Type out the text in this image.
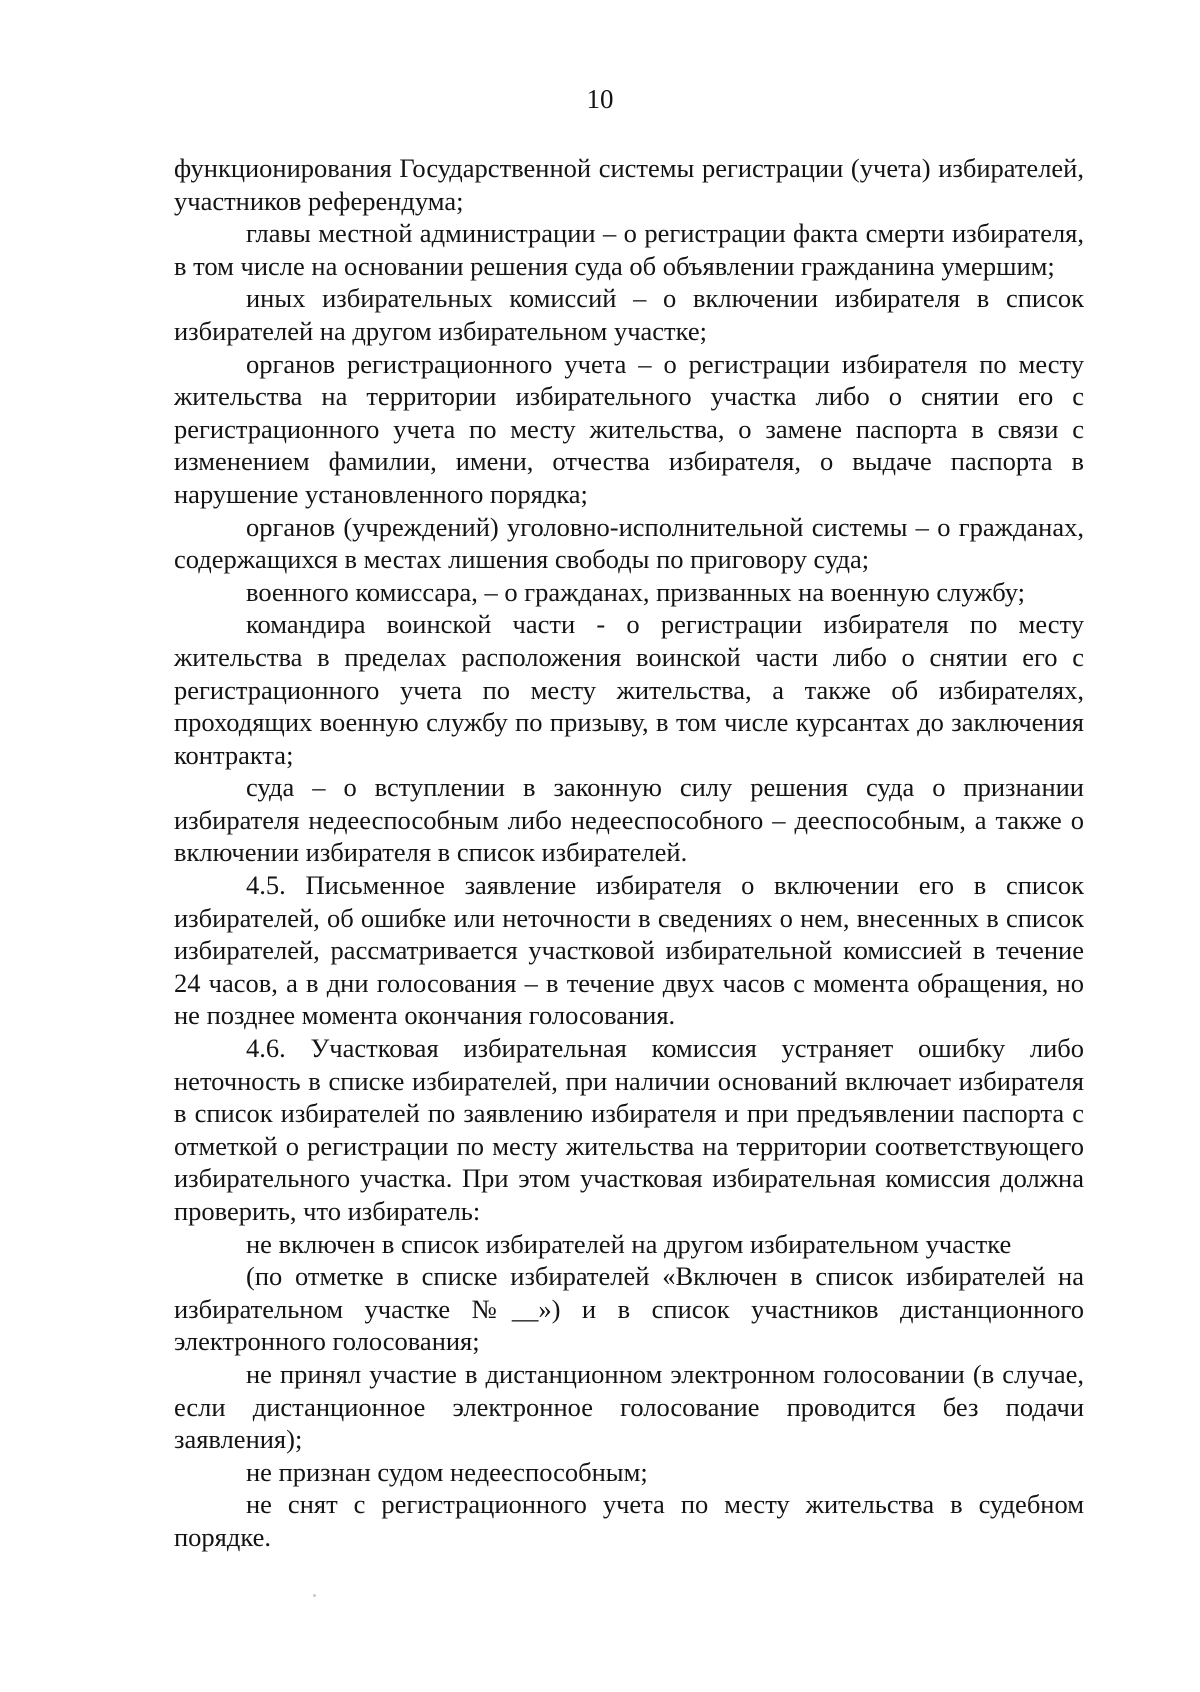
10

функционирования Государственной системы регистрации (учета) избирателей, участников референдума;

главы местной администрации – о регистрации факта смерти избирателя, в том числе на основании решения суда об объявлении гражданина умершим;

иных избирательных комиссий – о включении избирателя в список избирателей на другом избирательном участке;

органов регистрационного учета – о регистрации избирателя по месту жительства на территории избирательного участка либо о снятии его с регистрационного учета по месту жительства, о замене паспорта в связи с изменением фамилии, имени, отчества избирателя, о выдаче паспорта в нарушение установленного порядка;

органов (учреждений) уголовно-исполнительной системы – о гражданах, содержащихся в местах лишения свободы по приговору суда;

военного комиссара, – о гражданах, призванных на военную службу;

командира воинской части - о регистрации избирателя по месту жительства в пределах расположения воинской части либо о снятии его с регистрационного учета по месту жительства, а также об избирателях, проходящих военную службу по призыву, в том числе курсантах до заключения контракта;

суда – о вступлении в законную силу решения суда о признании избирателя недееспособным либо недееспособного – дееспособным, а также о включении избирателя в список избирателей.

4.5. Письменное заявление избирателя о включении его в список избирателей, об ошибке или неточности в сведениях о нем, внесенных в список избирателей, рассматривается участковой избирательной комиссией в течение 24 часов, а в дни голосования – в течение двух часов с момента обращения, но не позднее момента окончания голосования.

4.6. Участковая избирательная комиссия устраняет ошибку либо неточность в списке избирателей, при наличии оснований включает избирателя в список избирателей по заявлению избирателя и при предъявлении паспорта с отметкой о регистрации по месту жительства на территории соответствующего избирательного участка. При этом участковая избирательная комиссия должна проверить, что избиратель:

не включен в список избирателей на другом избирательном участке

(по отметке в списке избирателей «Включен в список избирателей на избирательном участке №__») и в список участников дистанционного электронного голосования;

не принял участие в дистанционном электронном голосовании (в случае, если дистанционное электронное голосование проводится без подачи заявления);

не признан судом недееспособным;

не снят с регистрационного учета по месту жительства в судебном порядке.
